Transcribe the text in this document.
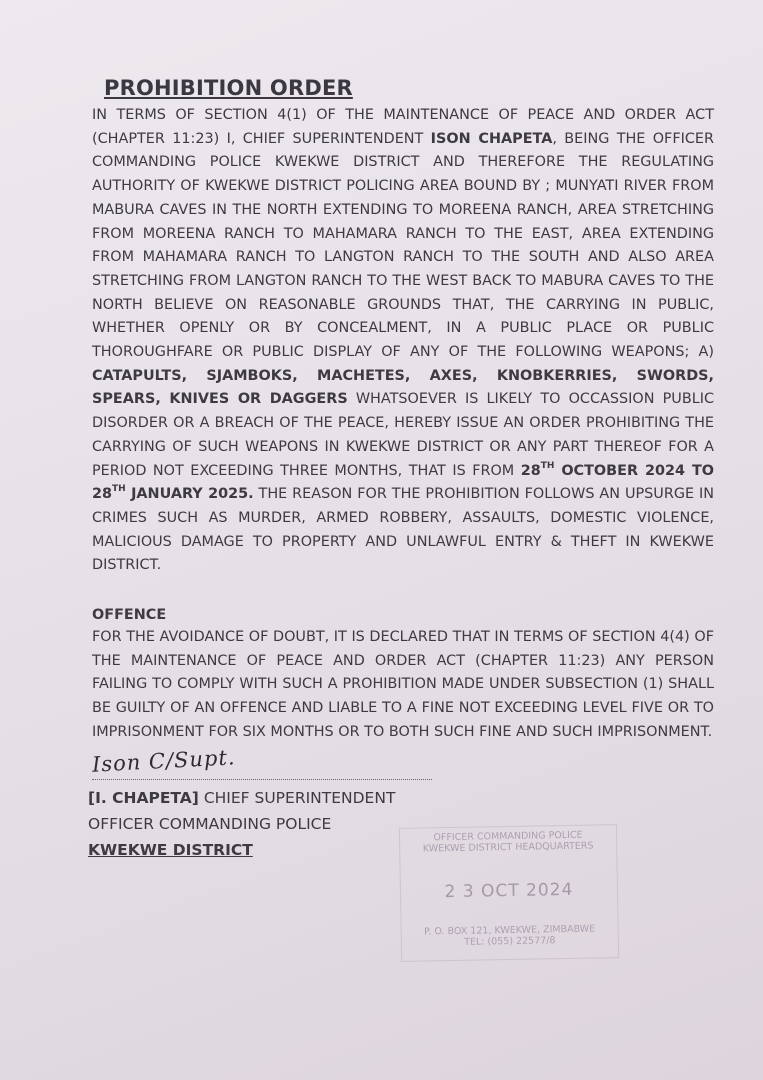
PROHIBITION ORDER

IN TERMS OF SECTION 4(1) OF THE MAINTENANCE OF PEACE AND ORDER ACT (CHAPTER 11:23) I, CHIEF SUPERINTENDENT ISON CHAPETA, BEING THE OFFICER COMMANDING POLICE KWEKWE DISTRICT AND THEREFORE THE REGULATING AUTHORITY OF KWEKWE DISTRICT POLICING AREA BOUND BY ; MUNYATI RIVER FROM MABURA CAVES IN THE NORTH EXTENDING TO MOREENA RANCH, AREA STRETCHING FROM MOREENA RANCH TO MAHAMARA RANCH TO THE EAST, AREA EXTENDING FROM MAHAMARA RANCH TO LANGTON RANCH TO THE SOUTH AND ALSO AREA STRETCHING FROM LANGTON RANCH TO THE WEST BACK TO MABURA CAVES TO THE NORTH BELIEVE ON REASONABLE GROUNDS THAT, THE CARRYING IN PUBLIC, WHETHER OPENLY OR BY CONCEALMENT, IN A PUBLIC PLACE OR PUBLIC THOROUGHFARE OR PUBLIC DISPLAY OF ANY OF THE FOLLOWING WEAPONS; A) CATAPULTS, SJAMBOKS, MACHETES, AXES, KNOBKERRIES, SWORDS, SPEARS, KNIVES OR DAGGERS WHATSOEVER IS LIKELY TO OCCASSION PUBLIC DISORDER OR A BREACH OF THE PEACE, HEREBY ISSUE AN ORDER PROHIBITING THE CARRYING OF SUCH WEAPONS IN KWEKWE DISTRICT OR ANY PART THEREOF FOR A PERIOD NOT EXCEEDING THREE MONTHS, THAT IS FROM 28TH OCTOBER 2024 TO 28TH JANUARY 2025. THE REASON FOR THE PROHIBITION FOLLOWS AN UPSURGE IN CRIMES SUCH AS MURDER, ARMED ROBBERY, ASSAULTS, DOMESTIC VIOLENCE, MALICIOUS DAMAGE TO PROPERTY AND UNLAWFUL ENTRY & THEFT IN KWEKWE DISTRICT.

OFFENCE

FOR THE AVOIDANCE OF DOUBT, IT IS DECLARED THAT IN TERMS OF SECTION 4(4) OF THE MAINTENANCE OF PEACE AND ORDER ACT (CHAPTER 11:23) ANY PERSON FAILING TO COMPLY WITH SUCH A PROHIBITION MADE UNDER SUBSECTION (1) SHALL BE GUILTY OF AN OFFENCE AND LIABLE TO A FINE NOT EXCEEDING LEVEL FIVE OR TO IMPRISONMENT FOR SIX MONTHS OR TO BOTH SUCH FINE AND SUCH IMPRISONMENT.

Ison C/Supt.
[I. CHAPETA] CHIEF SUPERINTENDENT
OFFICER COMMANDING POLICE
KWEKWE DISTRICT
OFFICER COMMANDING POLICE
KWEKWE DISTRICT HEADQUARTERS
2 3 OCT 2024
P. O. BOX 121, KWEKWE, ZIMBABWE
TEL: (055) 22577/8
